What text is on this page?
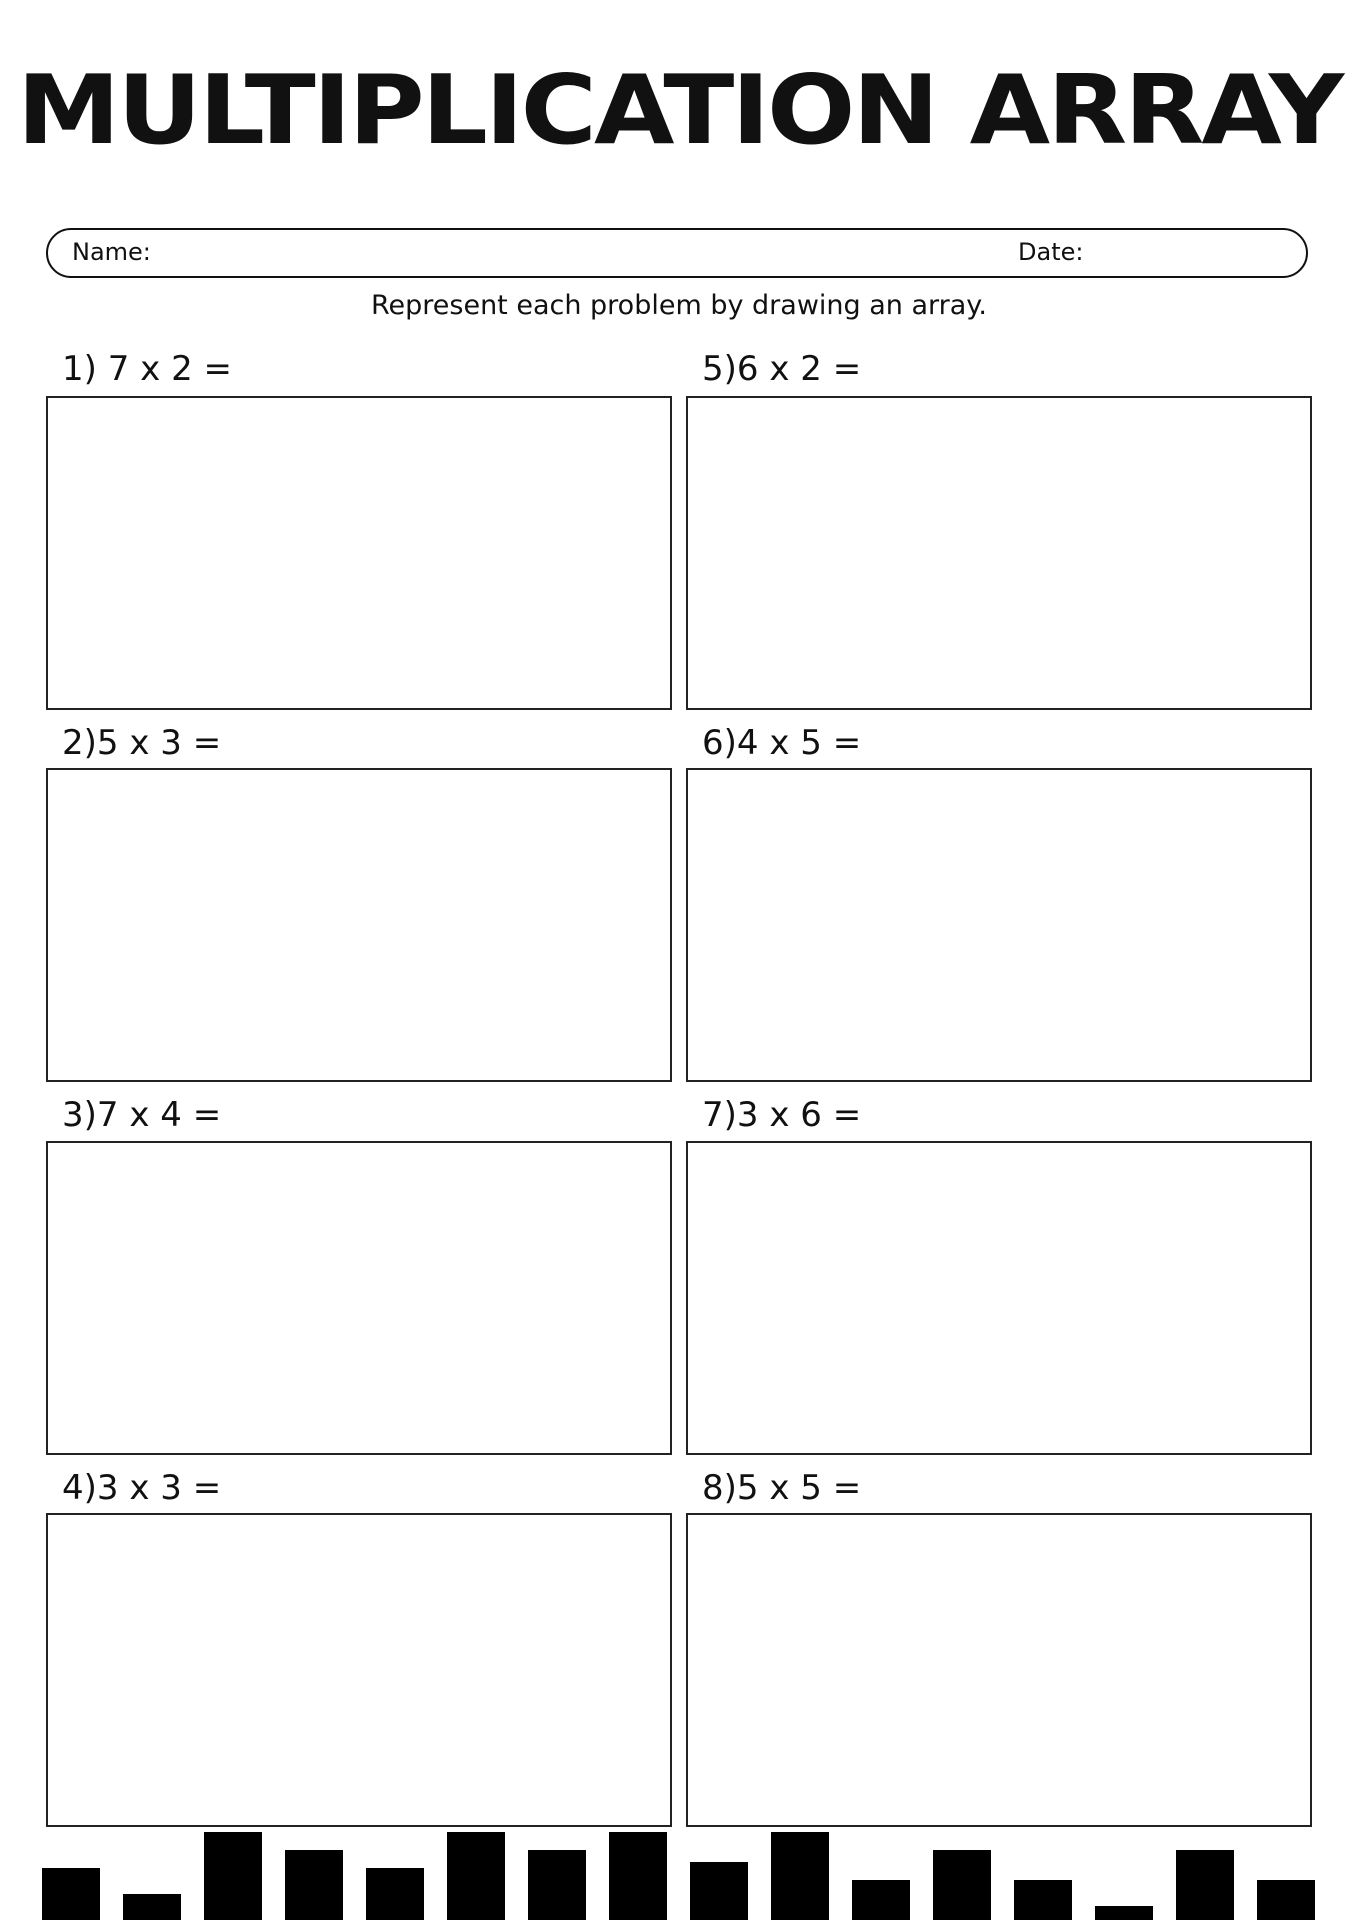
MULTIPLICATION ARRAY
Name:	Date:
Represent each problem by drawing an array.
1) 7 x 2 =
2)5 x 3 =
3)7 x 4 =
4)3 x 3 =
5)6 x 2 =
6)4 x 5 =
7)3 x 6 =
8)5 x 5 =
